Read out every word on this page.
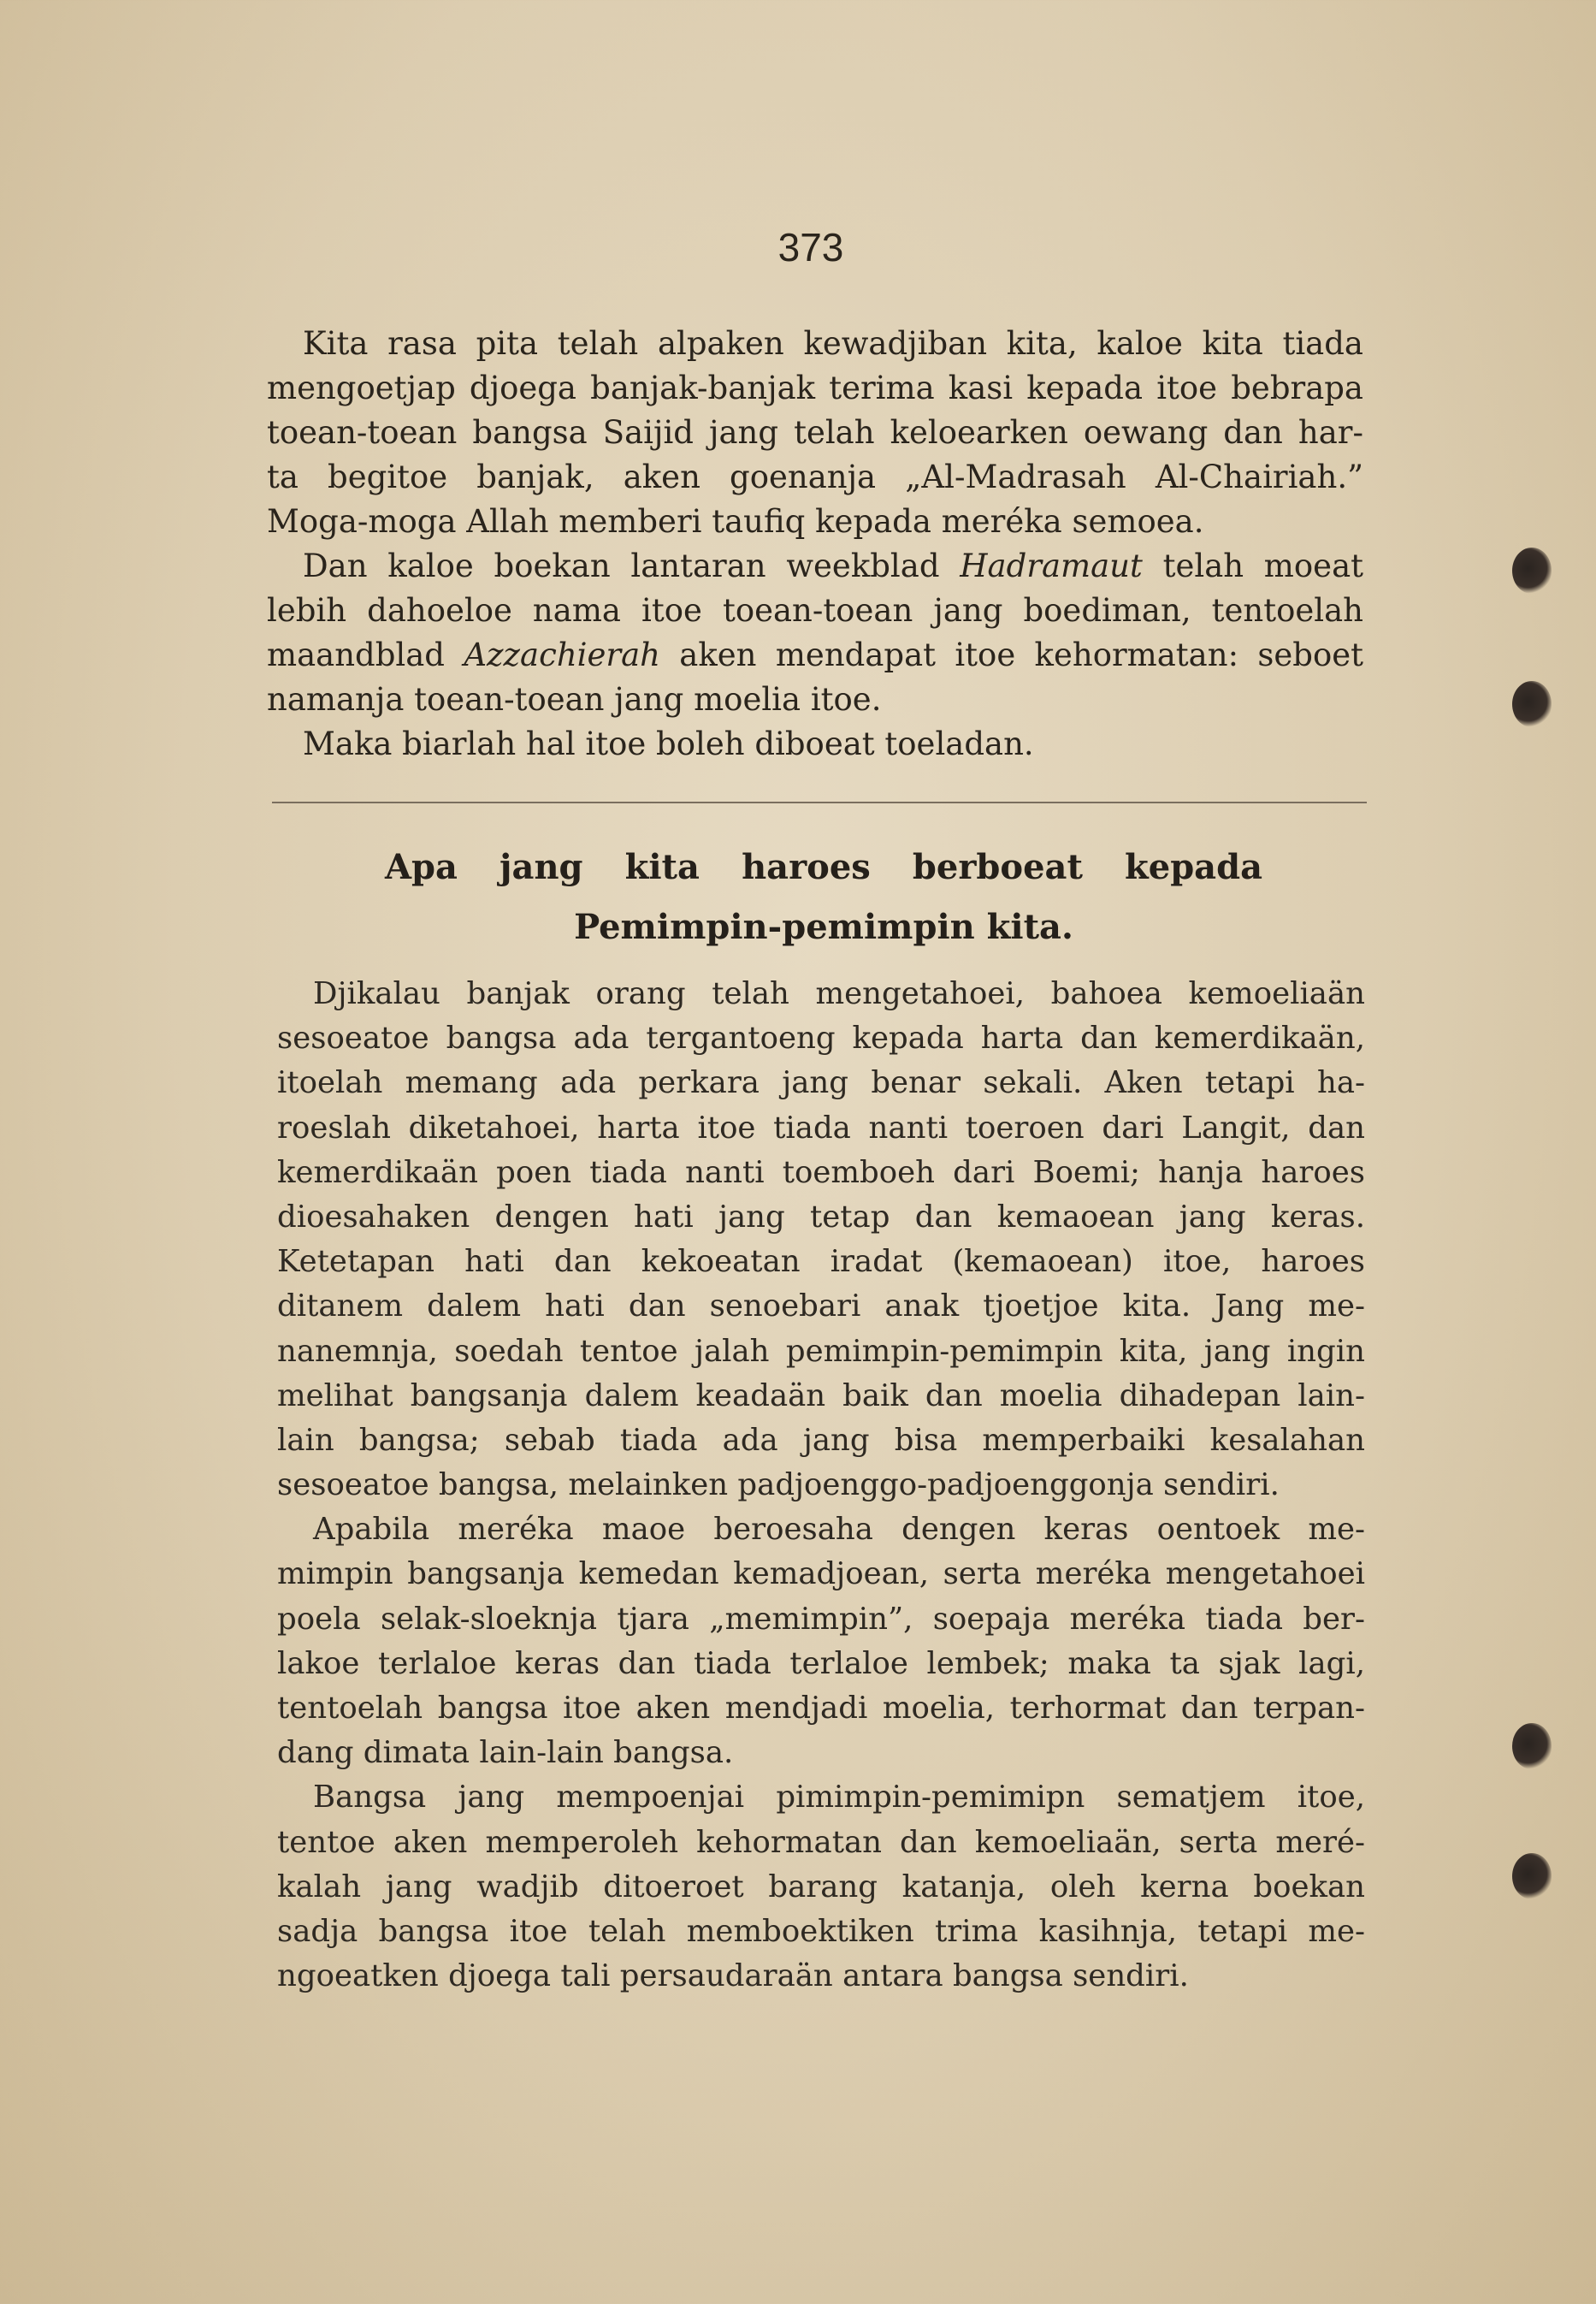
373
Kita rasa pita telah alpaken kewadjiban kita, kaloe kita tiada
mengoetjap djoega banjak-banjak terima kasi kepada itoe bebrapa
toean-toean bangsa Saijid jang telah keloearken oewang dan har-
ta begitoe banjak, aken goenanja „Al-Madrasah Al-Chairiah.”
Moga-moga Allah memberi taufiq kepada meréka semoea.
Dan kaloe boekan lantaran weekblad Hadramaut telah moeat
lebih dahoeloe nama itoe toean-toean jang boediman, tentoelah
maandblad Azzachierah aken mendapat itoe kehormatan: seboet
namanja toean-toean jang moelia itoe.
Maka biarlah hal itoe boleh diboeat toeladan.
Apa jang kita haroes berboeat kepada
Pemimpin-pemimpin kita.
Djikalau banjak orang telah mengetahoei, bahoea kemoeliaän
sesoeatoe bangsa ada tergantoeng kepada harta dan kemerdikaän,
itoelah memang ada perkara jang benar sekali. Aken tetapi ha-
roeslah diketahoei, harta itoe tiada nanti toeroen dari Langit, dan
kemerdikaän poen tiada nanti toemboeh dari Boemi; hanja haroes
dioesahaken dengen hati jang tetap dan kemaoean jang keras.
Ketetapan hati dan kekoeatan iradat (kemaoean) itoe, haroes
ditanem dalem hati dan senoebari anak tjoetjoe kita. Jang me-
nanemnja, soedah tentoe jalah pemimpin-pemimpin kita, jang ingin
melihat bangsanja dalem keadaän baik dan moelia dihadepan lain-
lain bangsa; sebab tiada ada jang bisa memperbaiki kesalahan
sesoeatoe bangsa, melainken padjoenggo-padjoenggonja sendiri.
Apabila meréka maoe beroesaha dengen keras oentoek me-
mimpin bangsanja kemedan kemadjoean, serta meréka mengetahoei
poela selak-sloeknja tjara „memimpin”, soepaja meréka tiada ber-
lakoe terlaloe keras dan tiada terlaloe lembek; maka ta sjak lagi,
tentoelah bangsa itoe aken mendjadi moelia, terhormat dan terpan-
dang dimata lain-lain bangsa.
Bangsa jang mempoenjai pimimpin-pemimipn sematjem itoe,
tentoe aken memperoleh kehormatan dan kemoeliaän, serta meré-
kalah jang wadjib ditoeroet barang katanja, oleh kerna boekan
sadja bangsa itoe telah memboektiken trima kasihnja, tetapi me-
ngoeatken djoega tali persaudaraän antara bangsa sendiri.
